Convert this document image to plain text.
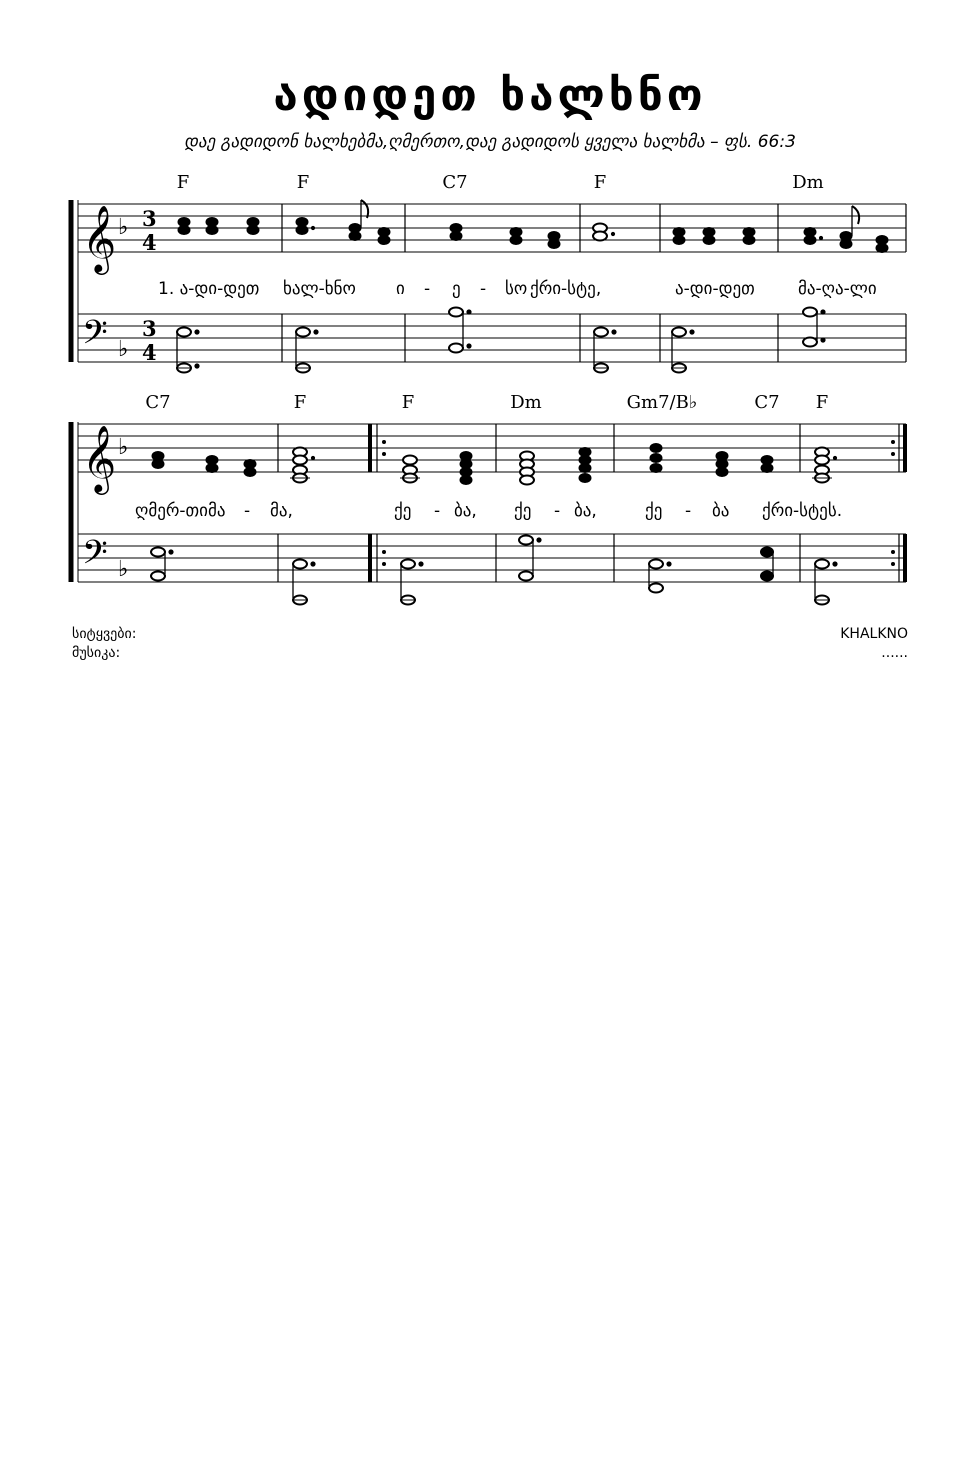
ადიდეთ ხალხნო
დაე გადიდონ ხალხებმა,ღმერთო,დაე გადიდოს ყველა ხალხმა – ფს. 66:3
F	F	C7	F	Dm
𝄞 ♭ 3
4
1. ა-დი-დეთ ხალ-ხნო ი - ე - სო ქრი-სტე,	ა-დი-დეთ	მა-ღა-ლი
𝄢 ♭
3
4
C7	F	F	Dm	Gm7/B♭	C7 F
𝄞 ♭
ღმერ-თი მა - მა,	ქე - ბა, ქე - ბა,	ქე - ბა ქრი-სტეს.
𝄢 ♭
სიტყვები:
მუსიკა:
KHALKNO
......
